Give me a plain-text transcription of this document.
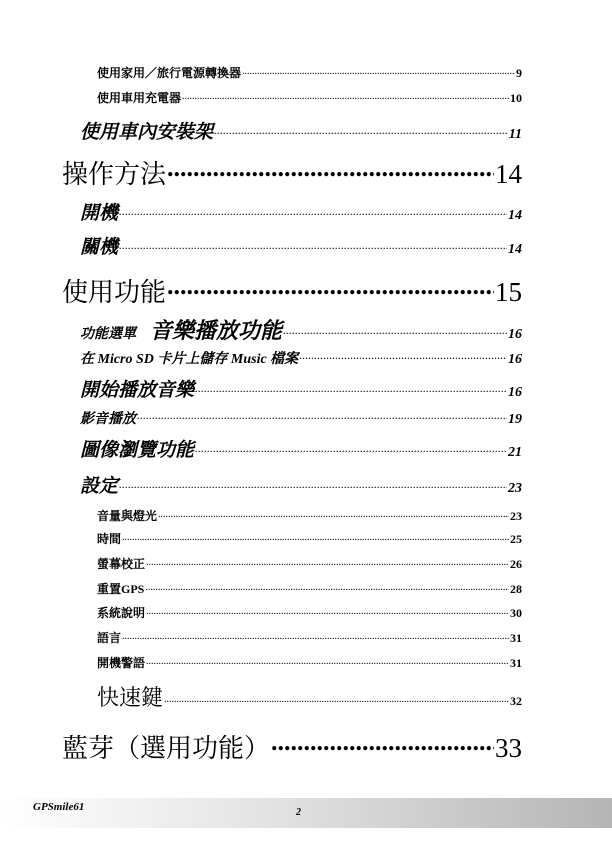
使用家用／旅行電源轉換器 .....	9
使用車用充電器 .....	10
使用車內安裝架 .....	11
操作方法 .....	14
開機 .....	14
關機 .....	14
使用功能 .....	15
功能選單 音樂播放功能 .....	16
在 Micro SD 卡片上儲存 Music 檔案 .....	16
開始播放音樂 .....	16
影音播放 .....	19
圖像瀏覽功能 .....	21
設定 .....	23
音量與燈光 .....	23
時間 .....	25
螢幕校正 .....	26
重置GPS .....	28
系統說明 .....	30
語言 .....	31
開機警語 .....	31
快速鍵 .....	32
藍芽（選用功能） .....	33
GPSmile61	2
